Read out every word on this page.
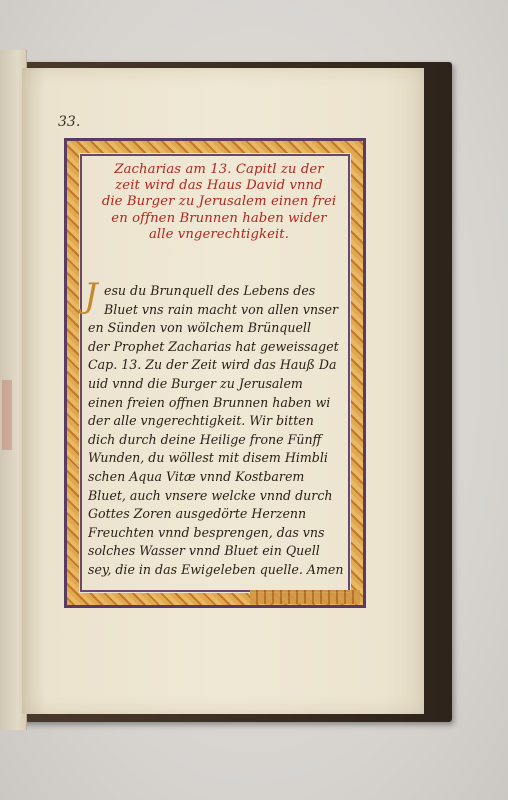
33.
Zacharias am 13. Capitl zu der
zeit wird das Haus David vnnd
die Burger zu Jerusalem einen frei
en offnen Brunnen haben wider
alle vngerechtigkeit.
J esu du Brunquell des Lebens des
Bluet vns rain macht von allen vnser
en Sünden von wölchem Brünquell
der Prophet Zacharias hat geweissaget
Cap. 13. Zu der Zeit wird das Hauß Da
uid vnnd die Burger zu Jerusalem
einen freien offnen Brunnen haben wi
der alle vngerechtigkeit. Wir bitten
dich durch deine Heilige frone Fünff
Wunden, du wöllest mit disem Himbli
schen Aqua Vitæ vnnd Kostbarem
Bluet, auch vnsere welcke vnnd durch
Gottes Zoren ausgedörte Herzenn
Freuchten vnnd besprengen, das vns
solches Wasser vnnd Bluet ein Quell
sey, die in das Ewigeleben quelle. Amen
